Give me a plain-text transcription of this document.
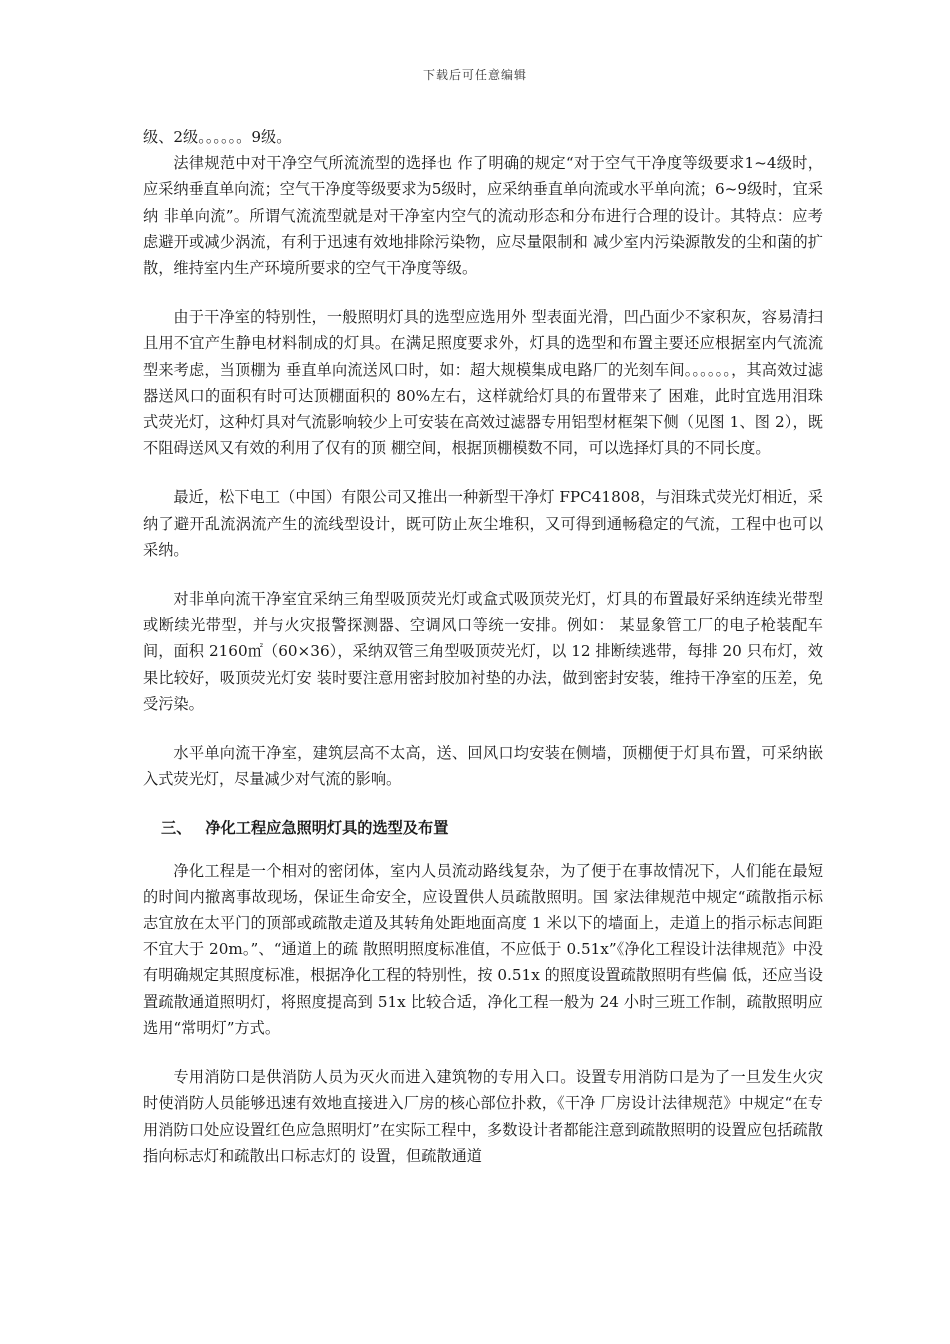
下载后可任意编辑

级、2级。。。。。。9级。

法律规范中对干净空气所流流型的选择也 作了明确的规定“对于空气干净度等级要求1~4级时，应采纳垂直单向流；空气干净度等级要求为5级时，应采纳垂直单向流或水平单向流；6~9级时，宜采纳 非单向流”。所谓气流流型就是对干净室内空气的流动形态和分布进行合理的设计。其特点：应考虑避开或减少涡流，有利于迅速有效地排除污染物，应尽量限制和 减少室内污染源散发的尘和菌的扩散，维持室内生产环境所要求的空气干净度等级。

由于干净室的特别性，一般照明灯具的选型应选用外 型表面光滑，凹凸面少不家积灰，容易清扫且用不宜产生静电材料制成的灯具。在满足照度要求外，灯具的选型和布置主要还应根据室内气流流型来考虑，当顶棚为 垂直单向流送风口时，如：超大规模集成电路厂的光刻车间。。。。。。，其高效过滤器送风口的面积有时可达顶棚面积的 80%左右，这样就给灯具的布置带来了 困难，此时宜选用泪珠式荧光灯，这种灯具对气流影响较少上可安装在高效过滤器专用铝型材框架下侧（见图 1、图 2），既不阻碍送风又有效的利用了仅有的顶 棚空间，根据顶棚模数不同，可以选择灯具的不同长度。

最近，松下电工（中国）有限公司又推出一种新型干净灯 FPC41808，与泪珠式荧光灯相近，采纳了避开乱流涡流产生的流线型设计，既可防止灰尘堆积，又可得到通畅稳定的气流，工程中也可以采纳。

对非单向流干净室宜采纳三角型吸顶荧光灯或盒式吸顶荧光灯，灯具的布置最好采纳连续光带型或断续光带型，并与火灾报警探测器、空调风口等统一安排。例如： 某显象管工厂的电子枪装配车间，面积 2160㎡（60×36），采纳双管三角型吸顶荧光灯，以 12 排断续逃带，每排 20 只布灯，效果比较好，吸顶荧光灯安 装时要注意用密封胶加衬垫的办法，做到密封安装，维持干净室的压差，免受污染。

水平单向流干净室，建筑层高不太高，送、回风口均安装在侧墙，顶棚便于灯具布置，可采纳嵌入式荧光灯，尽量减少对气流的影响。

三、 净化工程应急照明灯具的选型及布置

净化工程是一个相对的密闭体，室内人员流动路线复杂，为了便于在事故情况下，人们能在最短的时间内撤离事故现场，保证生命安全，应设置供人员疏散照明。国 家法律规范中规定“疏散指示标志宜放在太平门的顶部或疏散走道及其转角处距地面高度 1 米以下的墙面上，走道上的指示标志间距不宜大于 20m。”、“通道上的疏 散照明照度标准值，不应低于 0.51x”《净化工程设计法律规范》中没有明确规定其照度标准，根据净化工程的特别性，按 0.51x 的照度设置疏散照明有些偏 低，还应当设置疏散通道照明灯，将照度提高到 51x 比较合适，净化工程一般为 24 小时三班工作制，疏散照明应选用“常明灯”方式。

专用消防口是供消防人员为灭火而进入建筑物的专用入口。设置专用消防口是为了一旦发生火灾时使消防人员能够迅速有效地直接进入厂房的核心部位扑救，《干净 厂房设计法律规范》中规定“在专用消防口处应设置红色应急照明灯”在实际工程中，多数设计者都能注意到疏散照明的设置应包括疏散指向标志灯和疏散出口标志灯的 设置，但疏散通道
